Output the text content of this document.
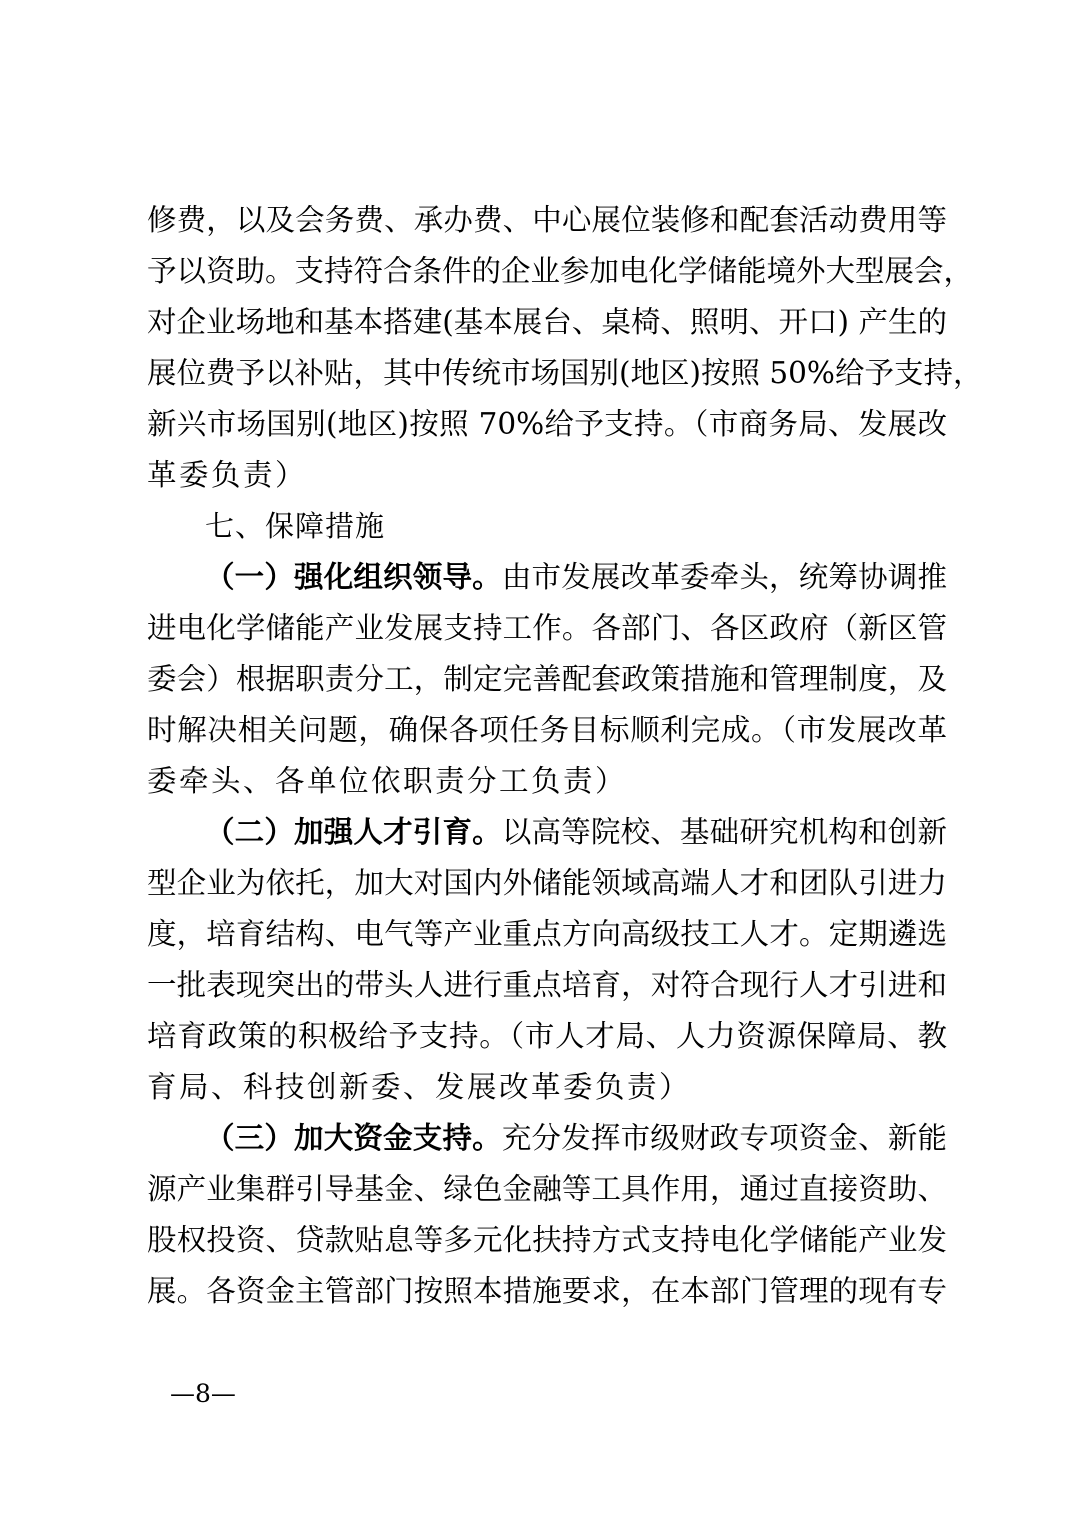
修费，以及会务费、承办费、中心展位装修和配套活动费用等
予以资助。支持符合条件的企业参加电化学储能境外大型展会，
对企业场地和基本搭建(基本展台、桌椅、照明、开口) 产生的
展位费予以补贴，其中传统市场国别(地区)按照 50%给予支持，
新兴市场国别(地区)按照 70%给予支持。（市商务局、发展改
革委负责）
七、保障措施
（一）强化组织领导。由市发展改革委牵头，统筹协调推
进电化学储能产业发展支持工作。各部门、各区政府（新区管
委会）根据职责分工，制定完善配套政策措施和管理制度，及
时解决相关问题，确保各项任务目标顺利完成。（市发展改革
委牵头、各单位依职责分工负责）
（二）加强人才引育。以高等院校、基础研究机构和创新
型企业为依托，加大对国内外储能领域高端人才和团队引进力
度，培育结构、电气等产业重点方向高级技工人才。定期遴选
一批表现突出的带头人进行重点培育，对符合现行人才引进和
培育政策的积极给予支持。（市人才局、人力资源保障局、教
育局、科技创新委、发展改革委负责）
（三）加大资金支持。充分发挥市级财政专项资金、新能
源产业集群引导基金、绿色金融等工具作用，通过直接资助、
股权投资、贷款贴息等多元化扶持方式支持电化学储能产业发
展。各资金主管部门按照本措施要求，在本部门管理的现有专
—8—
